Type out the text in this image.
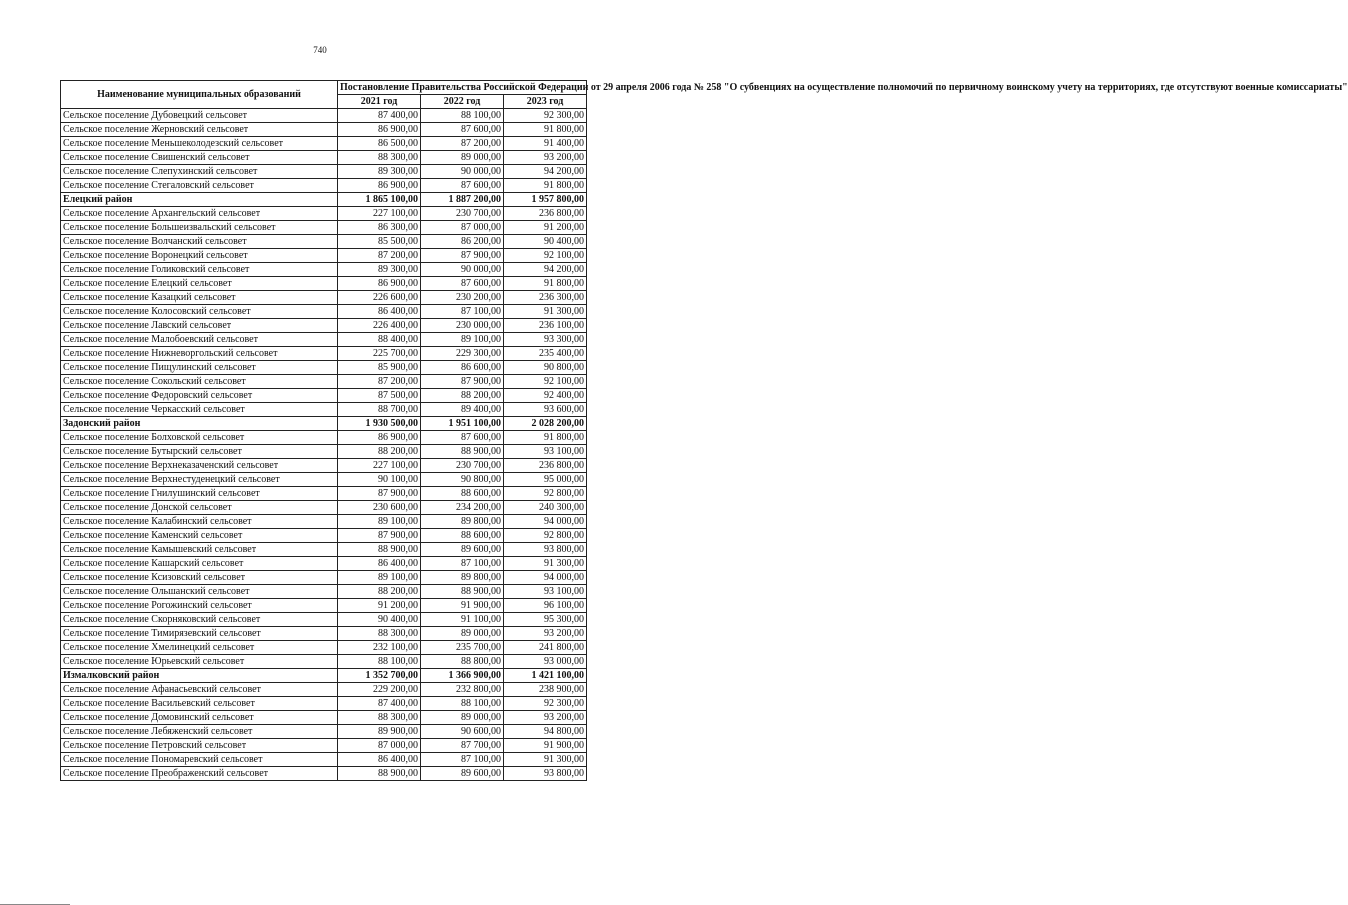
740
Наименование муниципальных образований	Постановление Правительства Российской Федерации от 29 апреля 2006 года № 258 "О субвенциях на осуществление полномочий по первичному воинскому учету на территориях, где отсутствуют военные комиссариаты"		
	2021 год	2022 год	2023 год
Сельское поселение Дубовецкий сельсовет	87 400,00	88 100,00	92 300,00
Сельское поселение Жерновский сельсовет	86 900,00	87 600,00	91 800,00
Сельское поселение Меньшеколодезский сельсовет	86 500,00	87 200,00	91 400,00
Сельское поселение Свишенский сельсовет	88 300,00	89 000,00	93 200,00
Сельское поселение Слепухинский сельсовет	89 300,00	90 000,00	94 200,00
Сельское поселение Стегаловский сельсовет	86 900,00	87 600,00	91 800,00
Елецкий район	1 865 100,00	1 887 200,00	1 957 800,00
Сельское поселение Архангельский сельсовет	227 100,00	230 700,00	236 800,00
Сельское поселение Большеизвальский сельсовет	86 300,00	87 000,00	91 200,00
Сельское поселение Волчанский сельсовет	85 500,00	86 200,00	90 400,00
Сельское поселение Воронецкий сельсовет	87 200,00	87 900,00	92 100,00
Сельское поселение Голиковский сельсовет	89 300,00	90 000,00	94 200,00
Сельское поселение Елецкий сельсовет	86 900,00	87 600,00	91 800,00
Сельское поселение Казацкий сельсовет	226 600,00	230 200,00	236 300,00
Сельское поселение Колосовский сельсовет	86 400,00	87 100,00	91 300,00
Сельское поселение Лавский сельсовет	226 400,00	230 000,00	236 100,00
Сельское поселение Малобоевский сельсовет	88 400,00	89 100,00	93 300,00
Сельское поселение Нижневоргольский сельсовет	225 700,00	229 300,00	235 400,00
Сельское поселение Пищулинский сельсовет	85 900,00	86 600,00	90 800,00
Сельское поселение Сокольский сельсовет	87 200,00	87 900,00	92 100,00
Сельское поселение Федоровский сельсовет	87 500,00	88 200,00	92 400,00
Сельское поселение Черкасский сельсовет	88 700,00	89 400,00	93 600,00
Задонский район	1 930 500,00	1 951 100,00	2 028 200,00
Сельское поселение Болховской сельсовет	86 900,00	87 600,00	91 800,00
Сельское поселение Бутырский сельсовет	88 200,00	88 900,00	93 100,00
Сельское поселение Верхнеказаченский сельсовет	227 100,00	230 700,00	236 800,00
Сельское поселение Верхнестуденецкий сельсовет	90 100,00	90 800,00	95 000,00
Сельское поселение Гнилушинский сельсовет	87 900,00	88 600,00	92 800,00
Сельское поселение Донской сельсовет	230 600,00	234 200,00	240 300,00
Сельское поселение Калабинский сельсовет	89 100,00	89 800,00	94 000,00
Сельское поселение Каменский сельсовет	87 900,00	88 600,00	92 800,00
Сельское поселение Камышевский сельсовет	88 900,00	89 600,00	93 800,00
Сельское поселение Кашарский сельсовет	86 400,00	87 100,00	91 300,00
Сельское поселение Ксизовский сельсовет	89 100,00	89 800,00	94 000,00
Сельское поселение Ольшанский сельсовет	88 200,00	88 900,00	93 100,00
Сельское поселение Рогожинский сельсовет	91 200,00	91 900,00	96 100,00
Сельское поселение Скорняковский сельсовет	90 400,00	91 100,00	95 300,00
Сельское поселение Тимирязевский сельсовет	88 300,00	89 000,00	93 200,00
Сельское поселение Хмелинецкий сельсовет	232 100,00	235 700,00	241 800,00
Сельское поселение Юрьевский сельсовет	88 100,00	88 800,00	93 000,00
Измалковский район	1 352 700,00	1 366 900,00	1 421 100,00
Сельское поселение Афанасьевский сельсовет	229 200,00	232 800,00	238 900,00
Сельское поселение Васильевский сельсовет	87 400,00	88 100,00	92 300,00
Сельское поселение Домовинский сельсовет	88 300,00	89 000,00	93 200,00
Сельское поселение Лебяженский сельсовет	89 900,00	90 600,00	94 800,00
Сельское поселение Петровский сельсовет	87 000,00	87 700,00	91 900,00
Сельское поселение Пономаревский сельсовет	86 400,00	87 100,00	91 300,00
Сельское поселение Преображенский сельсовет	88 900,00	89 600,00	93 800,00
